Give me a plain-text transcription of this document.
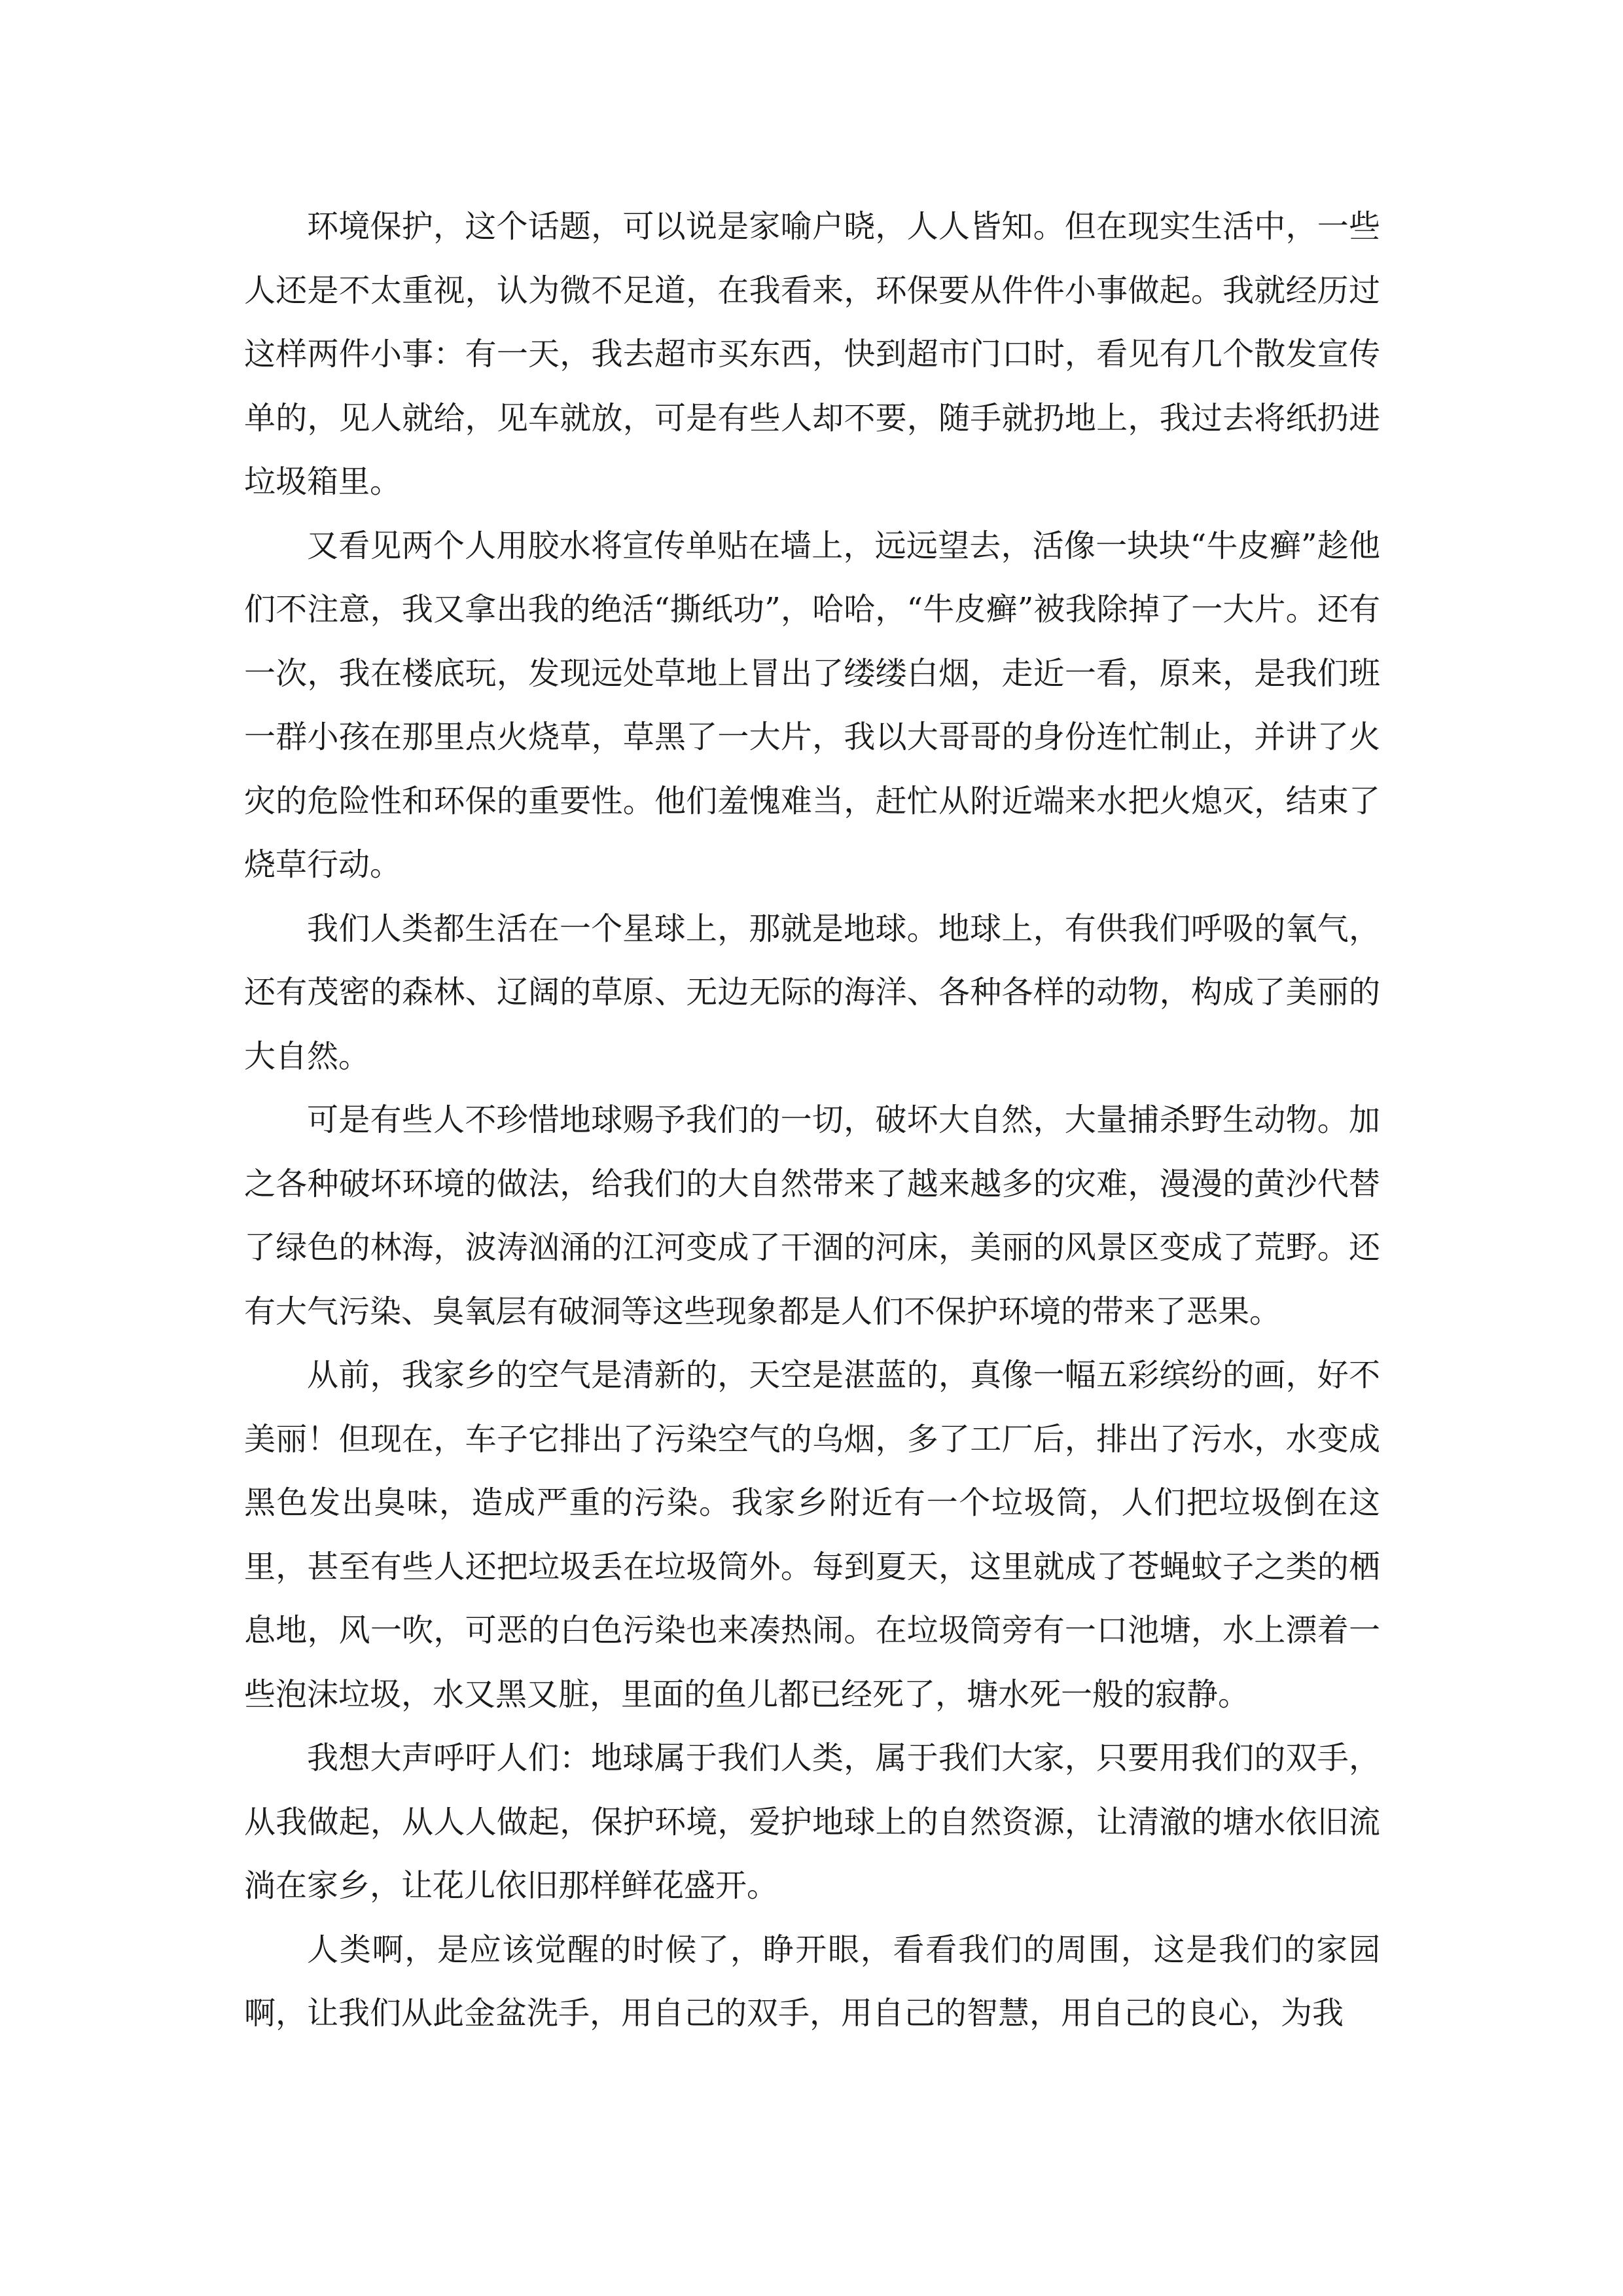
环境保护，这个话题，可以说是家喻户晓，人人皆知。但在现实生活中，一些人还是不太重视，认为微不足道，在我看来，环保要从件件小事做起。我就经历过这样两件小事：有一天，我去超市买东西，快到超市门口时，看见有几个散发宣传单的，见人就给，见车就放，可是有些人却不要，随手就扔地上，我过去将纸扔进垃圾箱里。

又看见两个人用胶水将宣传单贴在墙上，远远望去，活像一块块“牛皮癣”趁他们不注意，我又拿出我的绝活“撕纸功”，哈哈，“牛皮癣”被我除掉了一大片。还有一次，我在楼底玩，发现远处草地上冒出了缕缕白烟，走近一看，原来，是我们班一群小孩在那里点火烧草，草黑了一大片，我以大哥哥的身份连忙制止，并讲了火灾的危险性和环保的重要性。他们羞愧难当，赶忙从附近端来水把火熄灭，结束了烧草行动。

我们人类都生活在一个星球上，那就是地球。地球上，有供我们呼吸的氧气，还有茂密的森林、辽阔的草原、无边无际的海洋、各种各样的动物，构成了美丽的大自然。

可是有些人不珍惜地球赐予我们的一切，破坏大自然，大量捕杀野生动物。加之各种破坏环境的做法，给我们的大自然带来了越来越多的灾难，漫漫的黄沙代替了绿色的林海，波涛汹涌的江河变成了干涸的河床，美丽的风景区变成了荒野。还有大气污染、臭氧层有破洞等这些现象都是人们不保护环境的带来了恶果。

从前，我家乡的空气是清新的，天空是湛蓝的，真像一幅五彩缤纷的画，好不美丽！但现在，车子它排出了污染空气的乌烟，多了工厂后，排出了污水，水变成黑色发出臭味，造成严重的污染。我家乡附近有一个垃圾筒，人们把垃圾倒在这里，甚至有些人还把垃圾丢在垃圾筒外。每到夏天，这里就成了苍蝇蚊子之类的栖息地，风一吹，可恶的白色污染也来凑热闹。在垃圾筒旁有一口池塘，水上漂着一些泡沫垃圾，水又黑又脏，里面的鱼儿都已经死了，塘水死一般的寂静。

我想大声呼吁人们：地球属于我们人类，属于我们大家，只要用我们的双手，从我做起，从人人做起，保护环境，爱护地球上的自然资源，让清澈的塘水依旧流淌在家乡，让花儿依旧那样鲜花盛开。

人类啊，是应该觉醒的时候了，睁开眼，看看我们的周围，这是我们的家园啊，让我们从此金盆洗手，用自己的双手，用自己的智慧，用自己的良心，为我
